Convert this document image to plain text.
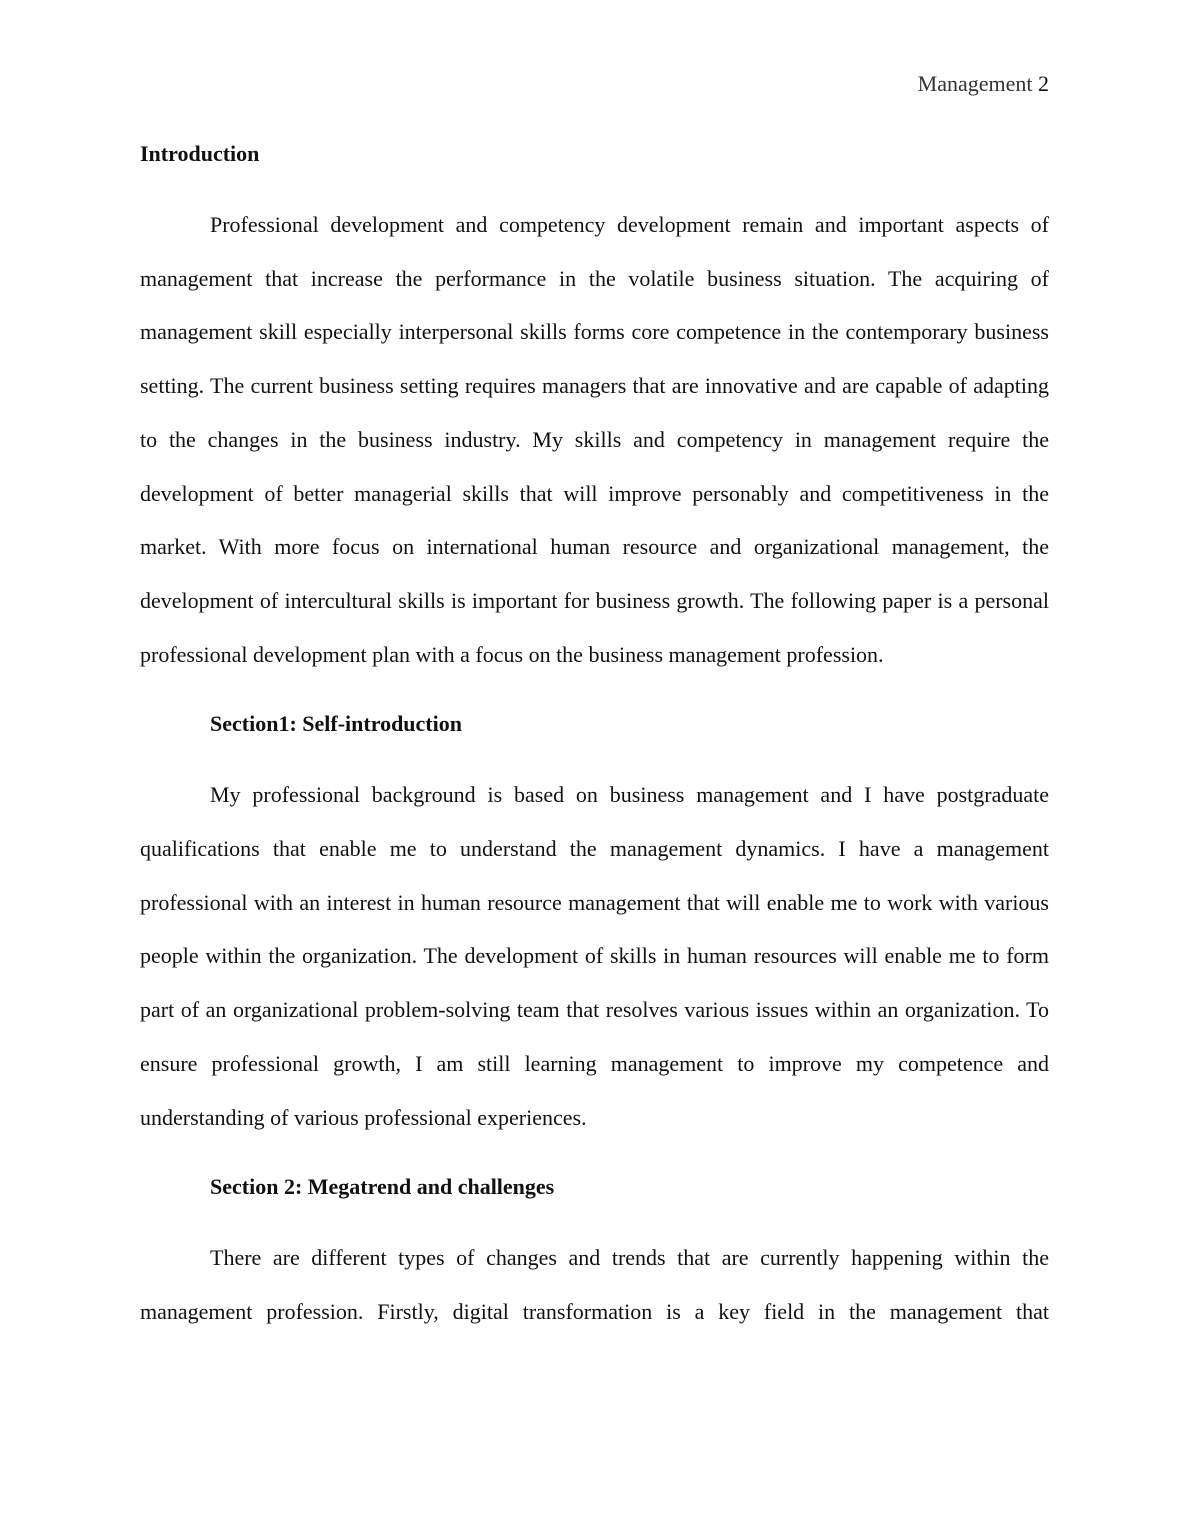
Management 2
Introduction

Professional development and competency development remain and important aspects of management that increase the performance in the volatile business situation. The acquiring of management skill especially interpersonal skills forms core competence in the contemporary business setting. The current business setting requires managers that are innovative and are capable of adapting to the changes in the business industry. My skills and competency in management require the development of better managerial skills that will improve personably and competitiveness in the market. With more focus on international human resource and organizational management, the development of intercultural skills is important for business growth. The following paper is a personal professional development plan with a focus on the business management profession.

Section1: Self-introduction

My professional background is based on business management and I have postgraduate qualifications that enable me to understand the management dynamics. I have a management professional with an interest in human resource management that will enable me to work with various people within the organization. The development of skills in human resources will enable me to form part of an organizational problem-solving team that resolves various issues within an organization. To ensure professional growth, I am still learning management to improve my competence and understanding of various professional experiences.

Section 2: Megatrend and challenges

There are different types of changes and trends that are currently happening within the management profession. Firstly, digital transformation is a key field in the management that
